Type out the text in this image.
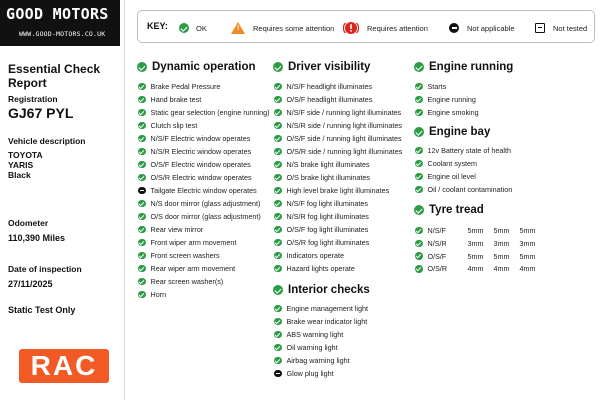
GOOD MOTORS
WWW.GOOD-MOTORS.CO.UK
Essential Check Report
Registration
GJ67 PYL
Vehicle description
TOYOTA
YARIS
Black
Odometer
110,390 Miles
Date of inspection
27/11/2025
Static Test Only
RAC
KEY:	OK	! Requires some attention	Requires attention	Not applicable	Not tested
Dynamic operation
Brake Pedal Pressure
Hand brake test
Static gear selection (engine running)
Clutch slip test
N/S/F Electric window operates
N/S/R Electric window operates
O/S/F Electric window operates
O/S/R Electric window operates
Tailgate Electric window operates
N/S door mirror (glass adjustment)
O/S door mirror (glass adjustment)
Rear view mirror
Front wiper arm movement
Front screen washers
Rear wiper arm movement
Rear screen washer(s)
Horn
Driver visibility
N/S/F headlight illuminates
O/S/F headlight illuminates
N/S/F side / running light illuminates
N/S/R side / running light illuminates
O/S/F side / running light illuminates
O/S/R side / running light illuminates
N/S brake light illuminates
O/S brake light illuminates
High level brake light illuminates
N/S/F fog light illuminates
N/S/R fog light illuminates
O/S/F fog light illuminates
O/S/R fog light illuminates
Indicators operate
Hazard lights operate
Interior checks
Engine management light
Brake wear indicator light
ABS warning light
Oil warning light
Airbag warning light
Glow plug light
Engine running
Starts
Engine running
Engine smoking
Engine bay
12v Battery state of health
Coolant system
Engine oil level
Oil / coolant contamination
Tyre tread
N/S/F	5mm	5mm	5mm
N/S/R	3mm	3mm	3mm
O/S/F	5mm	5mm	5mm
O/S/R	4mm	4mm	4mm
